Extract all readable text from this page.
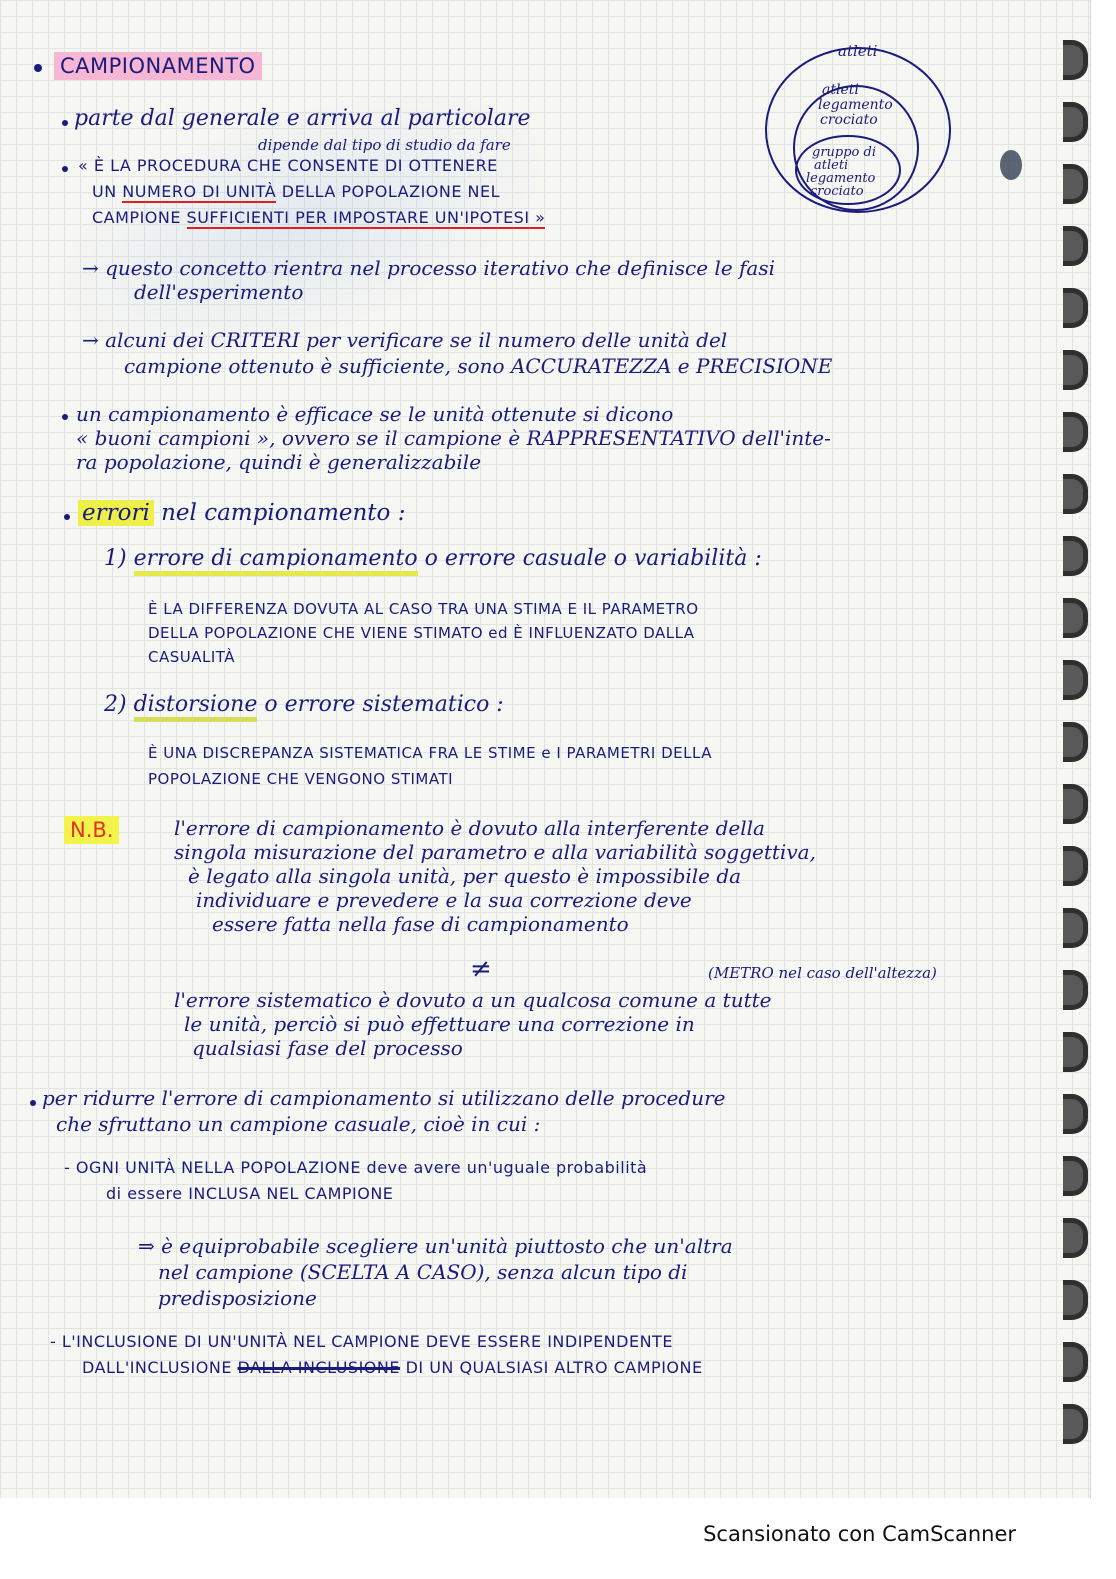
CAMPIONAMENTO

atleti
atleti
legamento
crociato
gruppo di
atleti
legamento
crociato

parte dal generale e arriva al particolare

dipende dal tipo di studio da fare

« È LA PROCEDURA CHE CONSENTE DI OTTENERE

UN NUMERO DI UNITÀ DELLA POPOLAZIONE NEL

CAMPIONE SUFFICIENTI PER IMPOSTARE UN'IPOTESI »

→ questo concetto rientra nel processo iterativo che definisce le fasi

dell'esperimento

→ alcuni dei CRITERI per verificare se il numero delle unità del

campione ottenuto è sufficiente, sono ACCURATEZZA e PRECISIONE

un campionamento è efficace se le unità ottenute si dicono

« buoni campioni », ovvero se il campione è RAPPRESENTATIVO dell'inte-

ra popolazione, quindi è generalizzabile

errori nel campionamento :

1) errore di campionamento o errore casuale o variabilità :

È LA DIFFERENZA DOVUTA AL CASO TRA UNA STIMA E IL PARAMETRO

DELLA POPOLAZIONE CHE VIENE STIMATO ed È INFLUENZATO DALLA

CASUALITÀ

2) distorsione o errore sistematico :

È UNA DISCREPANZA SISTEMATICA FRA LE STIME e I PARAMETRI DELLA

POPOLAZIONE CHE VENGONO STIMATI

N.B.	l'errore di campionamento è dovuto alla interferente della

singola misurazione del parametro e alla variabilità soggettiva,

è legato alla singola unità, per questo è impossibile da

individuare e prevedere e la sua correzione deve

essere fatta nella fase di campionamento

≠	(METRO nel caso dell'altezza)

l'errore sistematico è dovuto a un qualcosa comune a tutte

le unità, perciò si può effettuare una correzione in

qualsiasi fase del processo

per ridurre l'errore di campionamento si utilizzano delle procedure

che sfruttano un campione casuale, cioè in cui :

- OGNI UNITÀ NELLA POPOLAZIONE deve avere un'uguale probabilità

di essere INCLUSA NEL CAMPIONE

⇒ è equiprobabile scegliere un'unità piuttosto che un'altra

nel campione (SCELTA A CASO), senza alcun tipo di

predisposizione

- L'INCLUSIONE DI UN'UNITÀ NEL CAMPIONE DEVE ESSERE INDIPENDENTE

DALL'INCLUSIONE DALLA INCLUSIONE DI UN QUALSIASI ALTRO CAMPIONE

Scansionato con CamScanner
